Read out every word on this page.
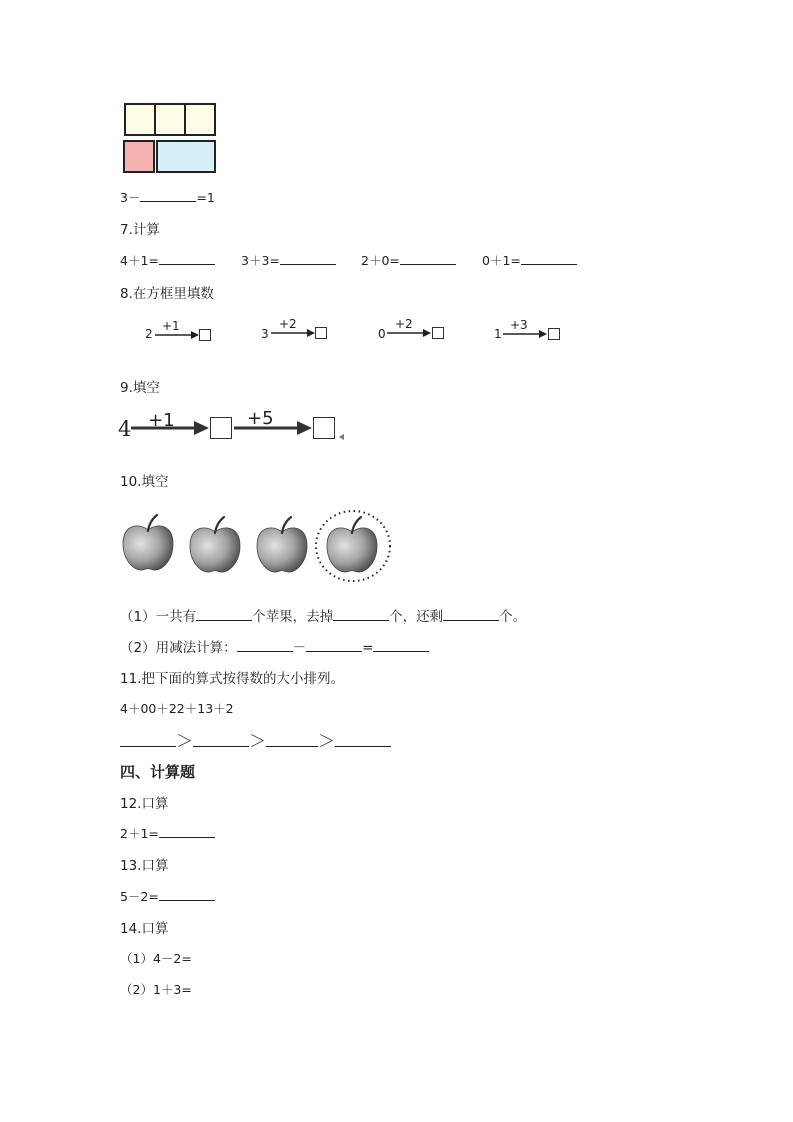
3－	=1
7.计算
4＋1=	3＋3=	2＋0=	0＋1=
8.在方框里填数
2
+1
3
+2
0
+2
1
+3
9.填空
4 +1	+5
10.填空
（1）一共有	个苹果，去掉	个，还剩	个。
（2）用减法计算：	－	=
11.把下面的算式按得数的大小排列。
4＋00＋22＋13＋2
＞	＞	＞
四、计算题
12.口算
2＋1=
13.口算
5－2=
14.口算
（1）4－2=
（2）1＋3=
